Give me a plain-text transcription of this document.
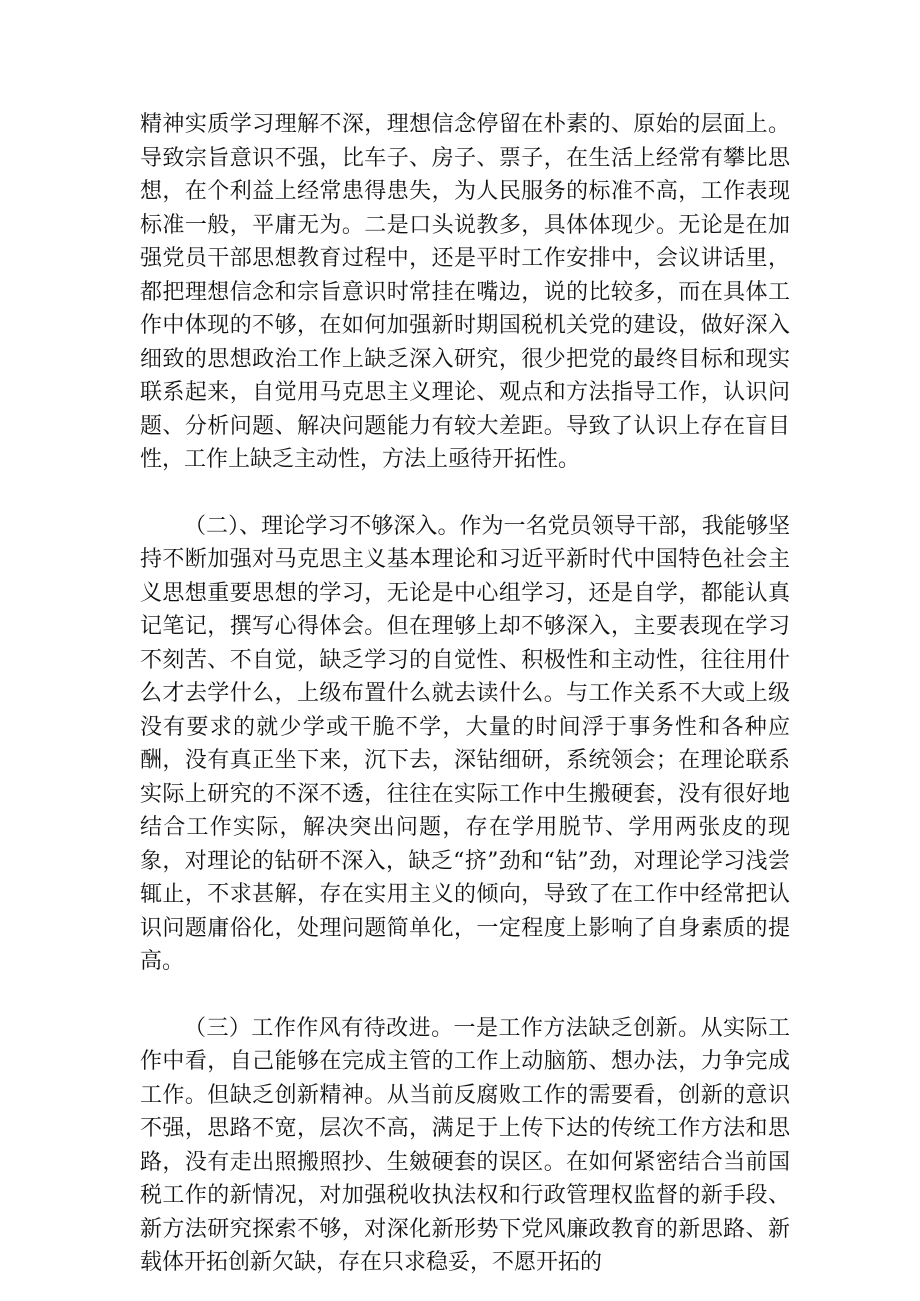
精神实质学习理解不深，理想信念停留在朴素的、原始的层面上。导致宗旨意识不强，比车子、房子、票子，在生活上经常有攀比思想，在个利益上经常患得患失，为人民服务的标准不高，工作表现标准一般，平庸无为。二是口头说教多，具体体现少。无论是在加强党员干部思想教育过程中，还是平时工作安排中，会议讲话里，都把理想信念和宗旨意识时常挂在嘴边，说的比较多，而在具体工作中体现的不够，在如何加强新时期国税机关党的建设，做好深入细致的思想政治工作上缺乏深入研究，很少把党的最终目标和现实联系起来，自觉用马克思主义理论、观点和方法指导工作，认识问题、分析问题、解决问题能力有较大差距。导致了认识上存在盲目性，工作上缺乏主动性，方法上亟待开拓性。

（二）、理论学习不够深入。作为一名党员领导干部，我能够坚持不断加强对马克思主义基本理论和习近平新时代中国特色社会主义思想重要思想的学习，无论是中心组学习，还是自学，都能认真记笔记，撰写心得体会。但在理够上却不够深入，主要表现在学习不刻苦、不自觉，缺乏学习的自觉性、积极性和主动性，往往用什么才去学什么，上级布置什么就去读什么。与工作关系不大或上级没有要求的就少学或干脆不学，大量的时间浮于事务性和各种应酬，没有真正坐下来，沉下去，深钻细研，系统领会；在理论联系实际上研究的不深不透，往往在实际工作中生搬硬套，没有很好地结合工作实际，解决突出问题，存在学用脱节、学用两张皮的现象，对理论的钻研不深入，缺乏“挤”劲和“钻”劲，对理论学习浅尝辄止，不求甚解，存在实用主义的倾向，导致了在工作中经常把认识问题庸俗化，处理问题简单化，一定程度上影响了自身素质的提高。

（三）工作作风有待改进。一是工作方法缺乏创新。从实际工作中看，自己能够在完成主管的工作上动脑筋、想办法，力争完成工作。但缺乏创新精神。从当前反腐败工作的需要看，创新的意识不强，思路不宽，层次不高，满足于上传下达的传统工作方法和思路，没有走出照搬照抄、生皴硬套的误区。在如何紧密结合当前国税工作的新情况，对加强税收执法权和行政管理权监督的新手段、新方法研究探索不够，对深化新形势下党风廉政教育的新思路、新载体开拓创新欠缺，存在只求稳妥，不愿开拓的
